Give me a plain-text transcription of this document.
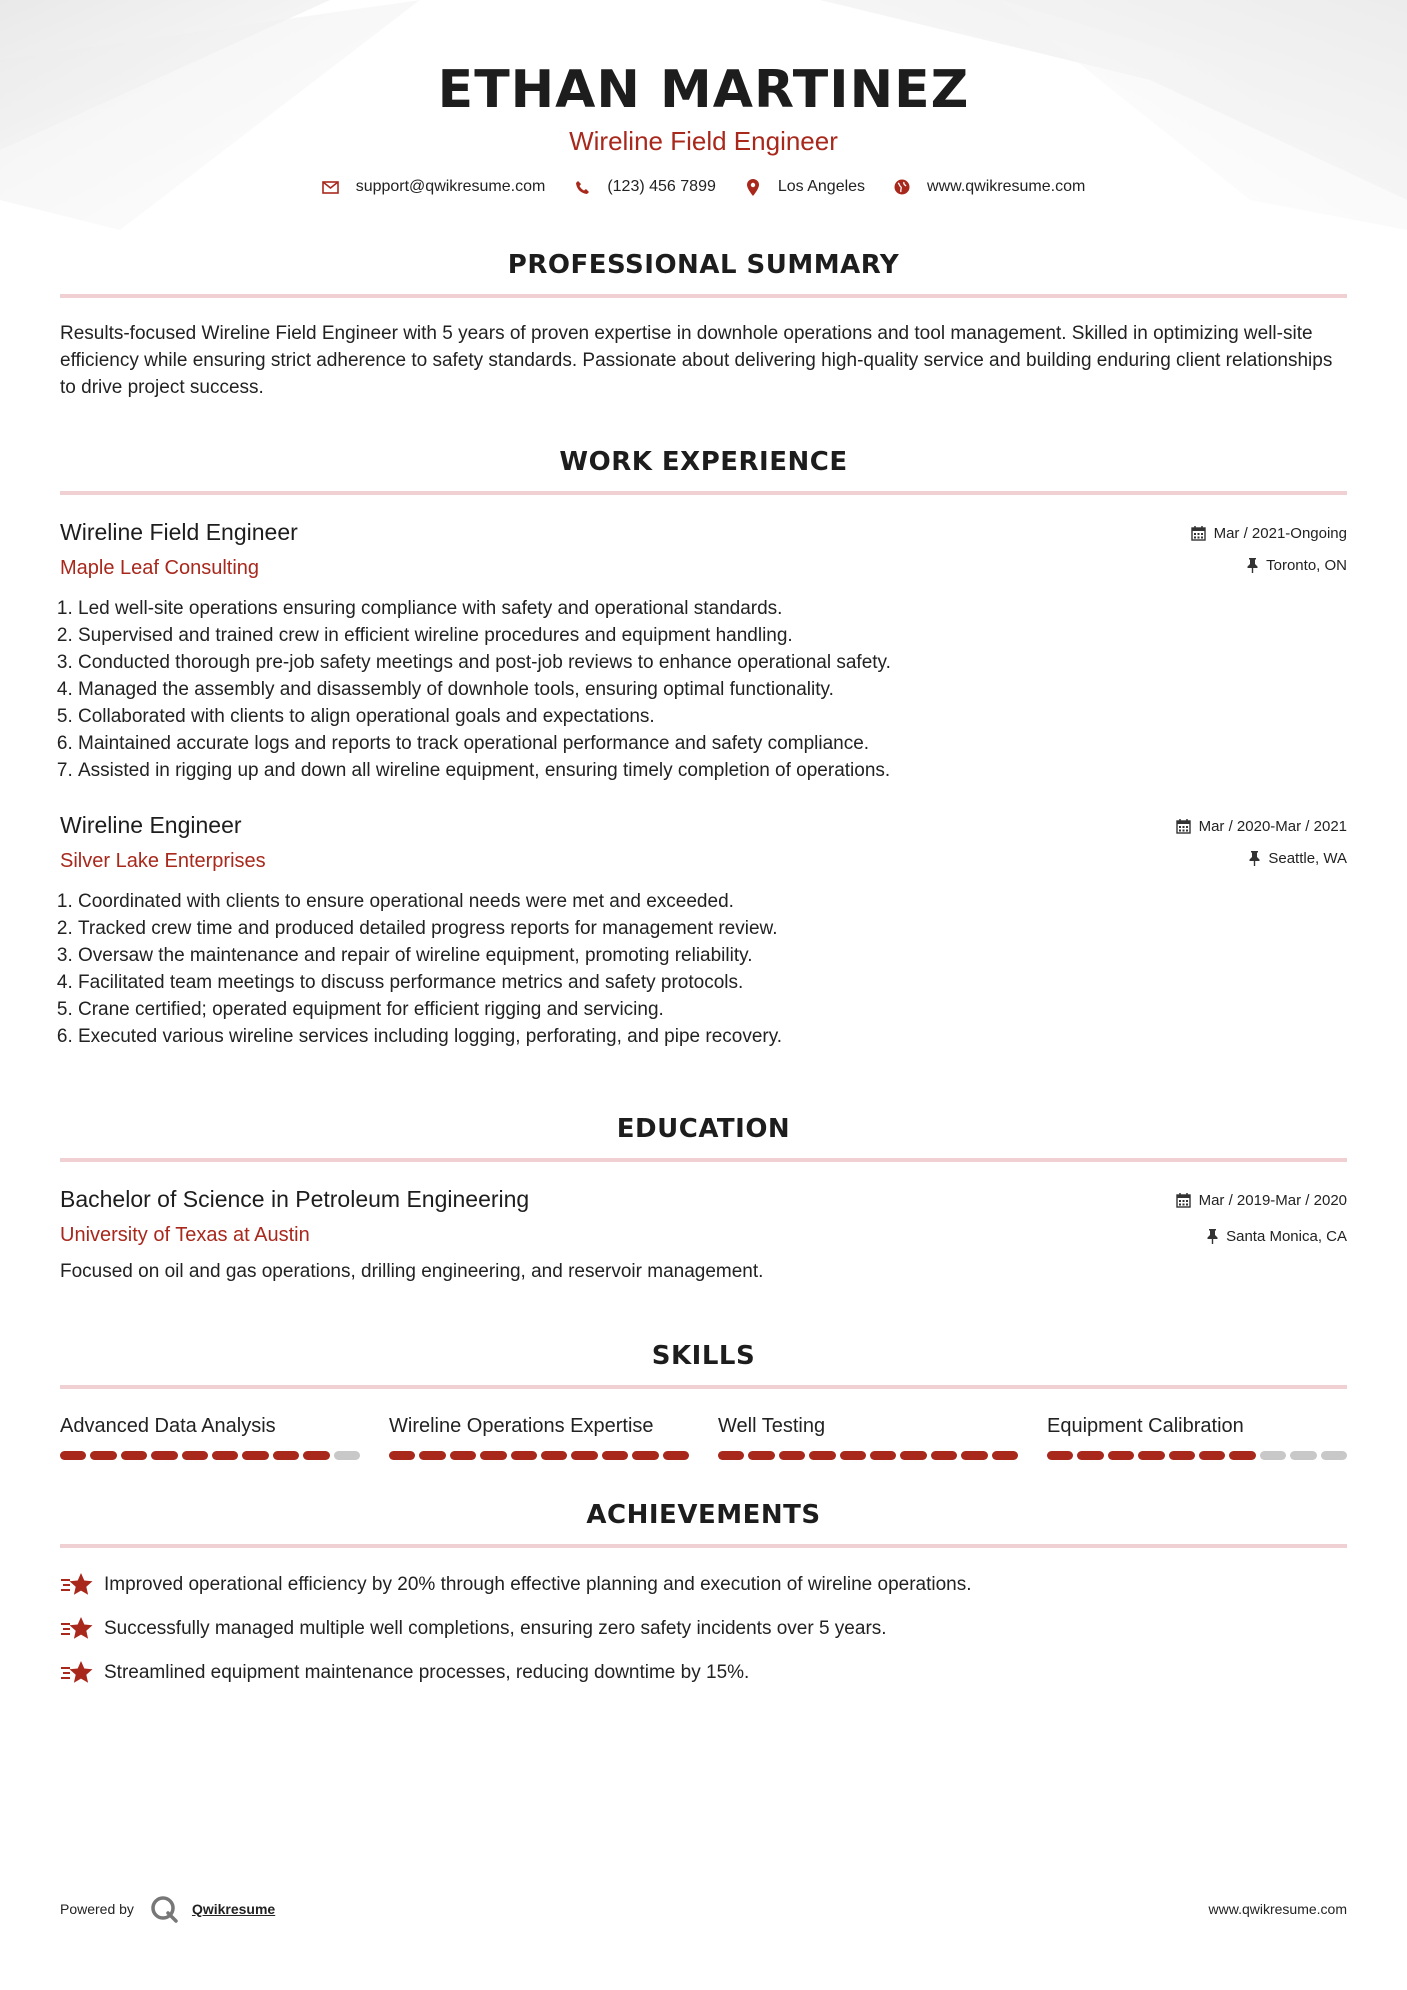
ETHAN MARTINEZ
Wireline Field Engineer
support@qwikresume.com	(123) 456 7899	Los Angeles	www.qwikresume.com
PROFESSIONAL SUMMARY

Results-focused Wireline Field Engineer with 5 years of proven expertise in downhole operations and tool management. Skilled in optimizing well-site efficiency while ensuring strict adherence to safety standards. Passionate about delivering high-quality service and building enduring client relationships to drive project success.

WORK EXPERIENCE
Wireline Field Engineer
Maple Leaf Consulting
Mar / 2021-Ongoing
Toronto, ON
1. Led well-site operations ensuring compliance with safety and operational standards.
2. Supervised and trained crew in efficient wireline procedures and equipment handling.
3. Conducted thorough pre-job safety meetings and post-job reviews to enhance operational safety.
4. Managed the assembly and disassembly of downhole tools, ensuring optimal functionality.
5. Collaborated with clients to align operational goals and expectations.
6. Maintained accurate logs and reports to track operational performance and safety compliance.
7. Assisted in rigging up and down all wireline equipment, ensuring timely completion of operations.
Wireline Engineer
Silver Lake Enterprises
Mar / 2020-Mar / 2021
Seattle, WA
1. Coordinated with clients to ensure operational needs were met and exceeded.
2. Tracked crew time and produced detailed progress reports for management review.
3. Oversaw the maintenance and repair of wireline equipment, promoting reliability.
4. Facilitated team meetings to discuss performance metrics and safety protocols.
5. Crane certified; operated equipment for efficient rigging and servicing.
6. Executed various wireline services including logging, perforating, and pipe recovery.
EDUCATION
Bachelor of Science in Petroleum Engineering
University of Texas at Austin
Mar / 2019-Mar / 2020
Santa Monica, CA

Focused on oil and gas operations, drilling engineering, and reservoir management.

SKILLS
Advanced Data Analysis	Wireline Operations Expertise	Well Testing	Equipment Calibration
ACHIEVEMENTS
Improved operational efficiency by 20% through effective planning and execution of wireline operations.
Successfully managed multiple well completions, ensuring zero safety incidents over 5 years.
Streamlined equipment maintenance processes, reducing downtime by 15%.
Powered by	Qwikresume	www.qwikresume.com
